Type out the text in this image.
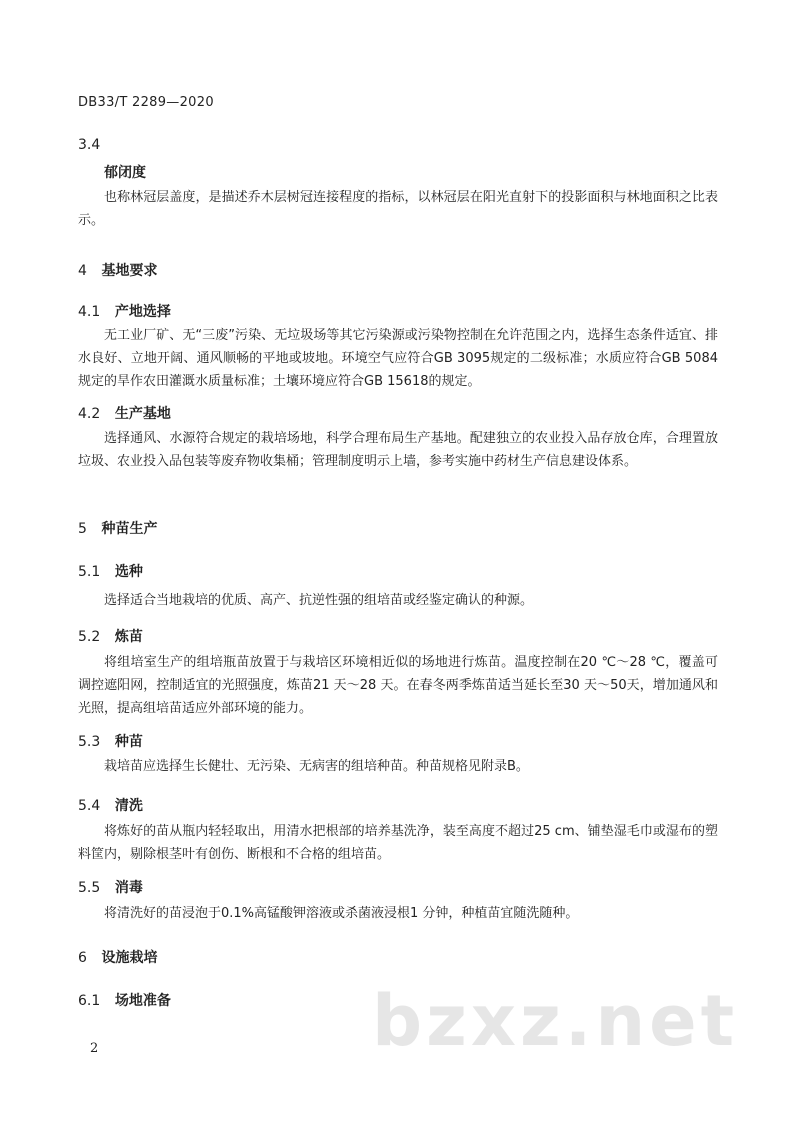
DB33/T 2289—2020
3.4
郁闭度
也称林冠层盖度，是描述乔木层树冠连接程度的指标，以林冠层在阳光直射下的投影面积与林地面积之比表示。
4 基地要求
4.1 产地选择
无工业厂矿、无“三废”污染、无垃圾场等其它污染源或污染物控制在允许范围之内，选择生态条件适宜、排水良好、立地开阔、通风顺畅的平地或坡地。环境空气应符合GB 3095规定的二级标准；水质应符合GB 5084规定的旱作农田灌溉水质量标准；土壤环境应符合GB 15618的规定。
4.2 生产基地
选择通风、水源符合规定的栽培场地，科学合理布局生产基地。配建独立的农业投入品存放仓库，合理置放垃圾、农业投入品包装等废弃物收集桶；管理制度明示上墙，参考实施中药材生产信息建设体系。
5 种苗生产
5.1 选种
选择适合当地栽培的优质、高产、抗逆性强的组培苗或经鉴定确认的种源。
5.2 炼苗
将组培室生产的组培瓶苗放置于与栽培区环境相近似的场地进行炼苗。温度控制在20 ℃～28 ℃，覆盖可调控遮阳网，控制适宜的光照强度，炼苗21 天～28 天。在春冬两季炼苗适当延长至30 天～50天，增加通风和光照，提高组培苗适应外部环境的能力。
5.3 种苗
栽培苗应选择生长健壮、无污染、无病害的组培种苗。种苗规格见附录B。
5.4 清洗
将炼好的苗从瓶内轻轻取出，用清水把根部的培养基洗净，装至高度不超过25 cm、铺垫湿毛巾或湿布的塑料筐内，剔除根茎叶有创伤、断根和不合格的组培苗。
5.5 消毒
将清洗好的苗浸泡于0.1%高锰酸钾溶液或杀菌液浸根1 分钟，种植苗宜随洗随种。
6 设施栽培
6.1 场地准备	bzxz.net
2
